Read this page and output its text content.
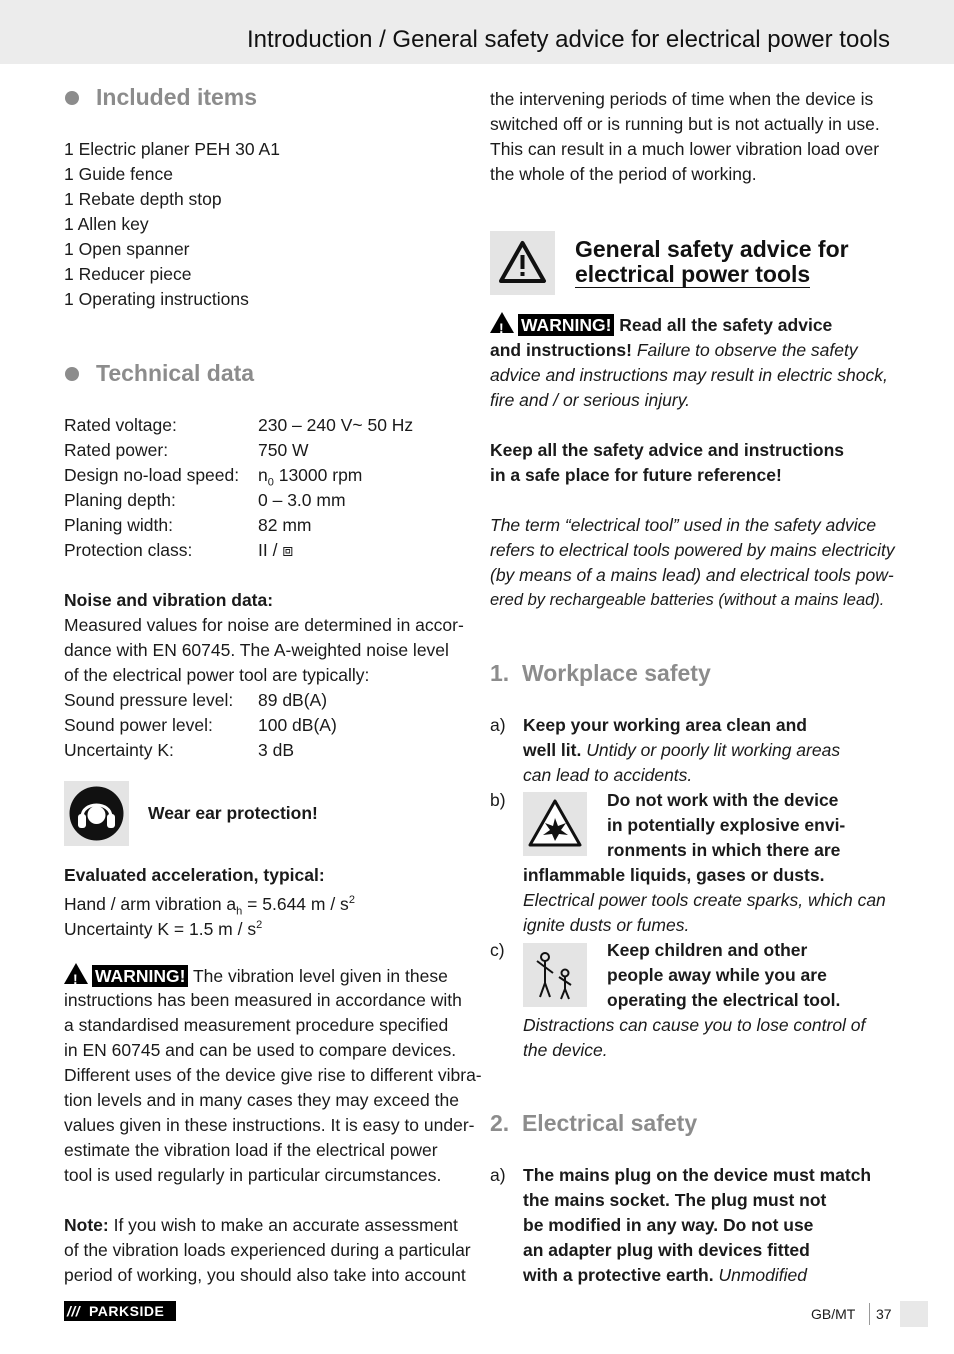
Introduction / General safety advice for electrical power tools
Included items
1 Electric planer PEH 30 A1
1 Guide fence
1 Rebate depth stop
1 Allen key
1 Open spanner
1 Reducer piece
1 Operating instructions
Technical data
Rated voltage:	230 – 240 V~ 50 Hz
Rated power:	750 W
Design no-load speed: $n_0$ 13000 rpm
Planing depth:	0 – 3.0 mm
Planing width:	82 mm
Protection class:	II / ⧈
Noise and vibration data:
Measured values for noise are determined in accor-
dance with EN 60745. The A-weighted noise level
of the electrical power tool are typically:
Sound pressure level: 89 dB(A)
Sound power level:	100 dB(A)
Uncertainty K:	3 dB
Wear ear protection!
Evaluated acceleration, typical:
Hand / arm vibration $a_h = 5.644$ m / $s^2$
Uncertainty K = 1.5 m / $s^2$
!WARNING! The vibration level given in these
instructions has been measured in accordance with
a standardised measurement procedure specified
in EN 60745 and can be used to compare devices.
Different uses of the device give rise to different vibra-
tion levels and in many cases they may exceed the
values given in these instructions. It is easy to under-
estimate the vibration load if the electrical power
tool is used regularly in particular circumstances.
Note: If you wish to make an accurate assessment
of the vibration loads experienced during a particular
period of working, you should also take into account
the intervening periods of time when the device is
switched off or is running but is not actually in use.
This can result in a much lower vibration load over
the whole of the period of working.
General safety advice for
electrical power tools
!WARNING! Read all the safety advice
and instructions! Failure to observe the safety
advice and instructions may result in electric shock,
fire and / or serious injury.
Keep all the safety advice and instructions
in a safe place for future reference!
The term “electrical tool” used in the safety advice
refers to electrical tools powered by mains electricity
(by means of a mains lead) and electrical tools pow-
ered by rechargeable batteries (without a mains lead).
1.  Workplace safety
a) Keep your working area clean and
well lit. Untidy or poorly lit working areas
can lead to accidents.
b)	Do not work with the device
in potentially explosive envi-
ronments in which there are
inflammable liquids, gases or dusts.
Electrical power tools create sparks, which can
ignite dusts or fumes.
c)	Keep children and other
people away while you are
operating the electrical tool.
Distractions can cause you to lose control of
the device.
2.  Electrical safety
a) The mains plug on the device must match
the mains socket. The plug must not
be modified in any way. Do not use
an adapter plug with devices fitted
with a protective earth. Unmodified
/// PARKSIDE	GB/MT 37
